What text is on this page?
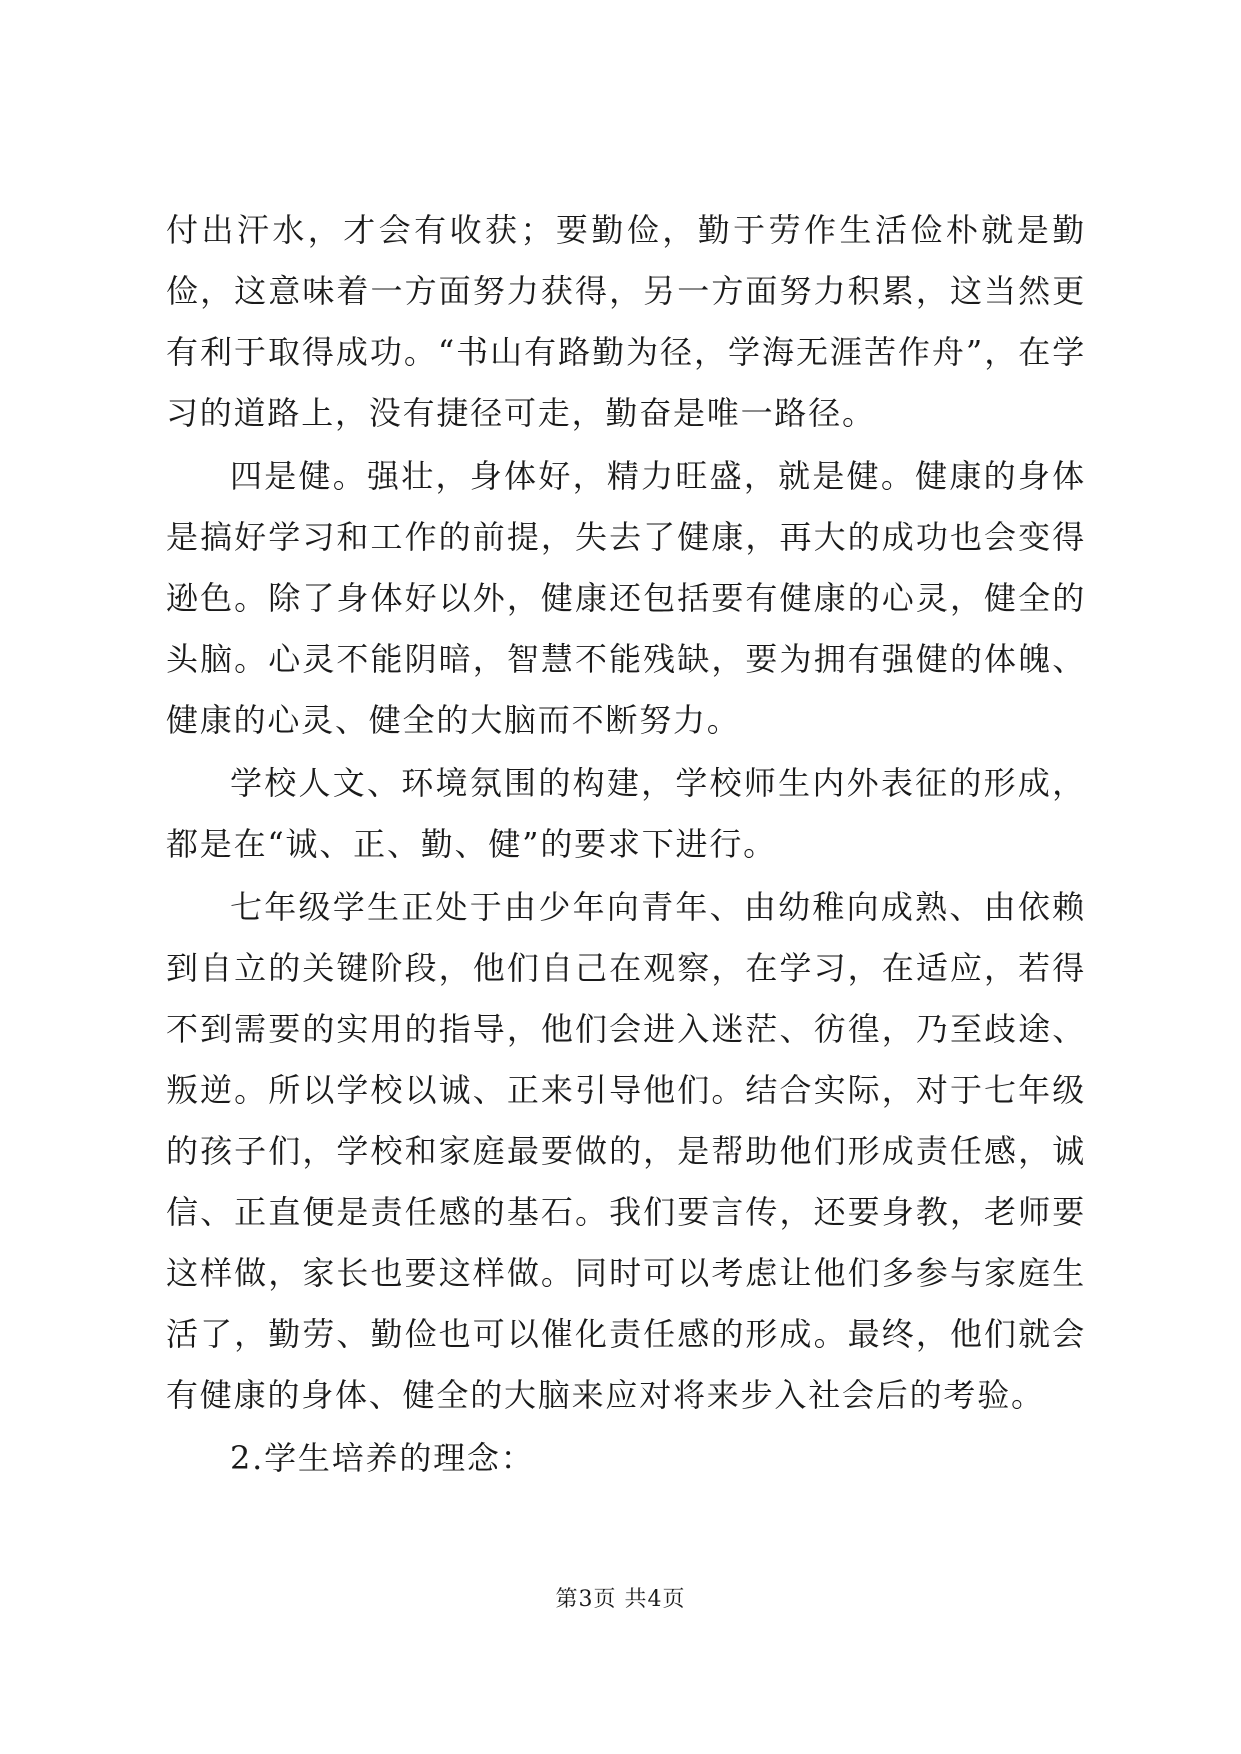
付出汗水，才会有收获；要勤俭，勤于劳作生活俭朴就是勤俭，这意味着一方面努力获得，另一方面努力积累，这当然更有利于取得成功。“书山有路勤为径，学海无涯苦作舟”，在学习的道路上，没有捷径可走，勤奋是唯一路径。

四是健。强壮，身体好，精力旺盛，就是健。健康的身体是搞好学习和工作的前提，失去了健康，再大的成功也会变得逊色。除了身体好以外，健康还包括要有健康的心灵，健全的头脑。心灵不能阴暗，智慧不能残缺，要为拥有强健的体魄、健康的心灵、健全的大脑而不断努力。

学校人文、环境氛围的构建，学校师生内外表征的形成，都是在“诚、正、勤、健”的要求下进行。

七年级学生正处于由少年向青年、由幼稚向成熟、由依赖到自立的关键阶段，他们自己在观察，在学习，在适应，若得不到需要的实用的指导，他们会进入迷茫、彷徨，乃至歧途、叛逆。所以学校以诚、正来引导他们。结合实际，对于七年级的孩子们，学校和家庭最要做的，是帮助他们形成责任感，诚信、正直便是责任感的基石。我们要言传，还要身教，老师要这样做，家长也要这样做。同时可以考虑让他们多参与家庭生活了，勤劳、勤俭也可以催化责任感的形成。最终，他们就会有健康的身体、健全的大脑来应对将来步入社会后的考验。

2.学生培养的理念：

第3页 共4页
